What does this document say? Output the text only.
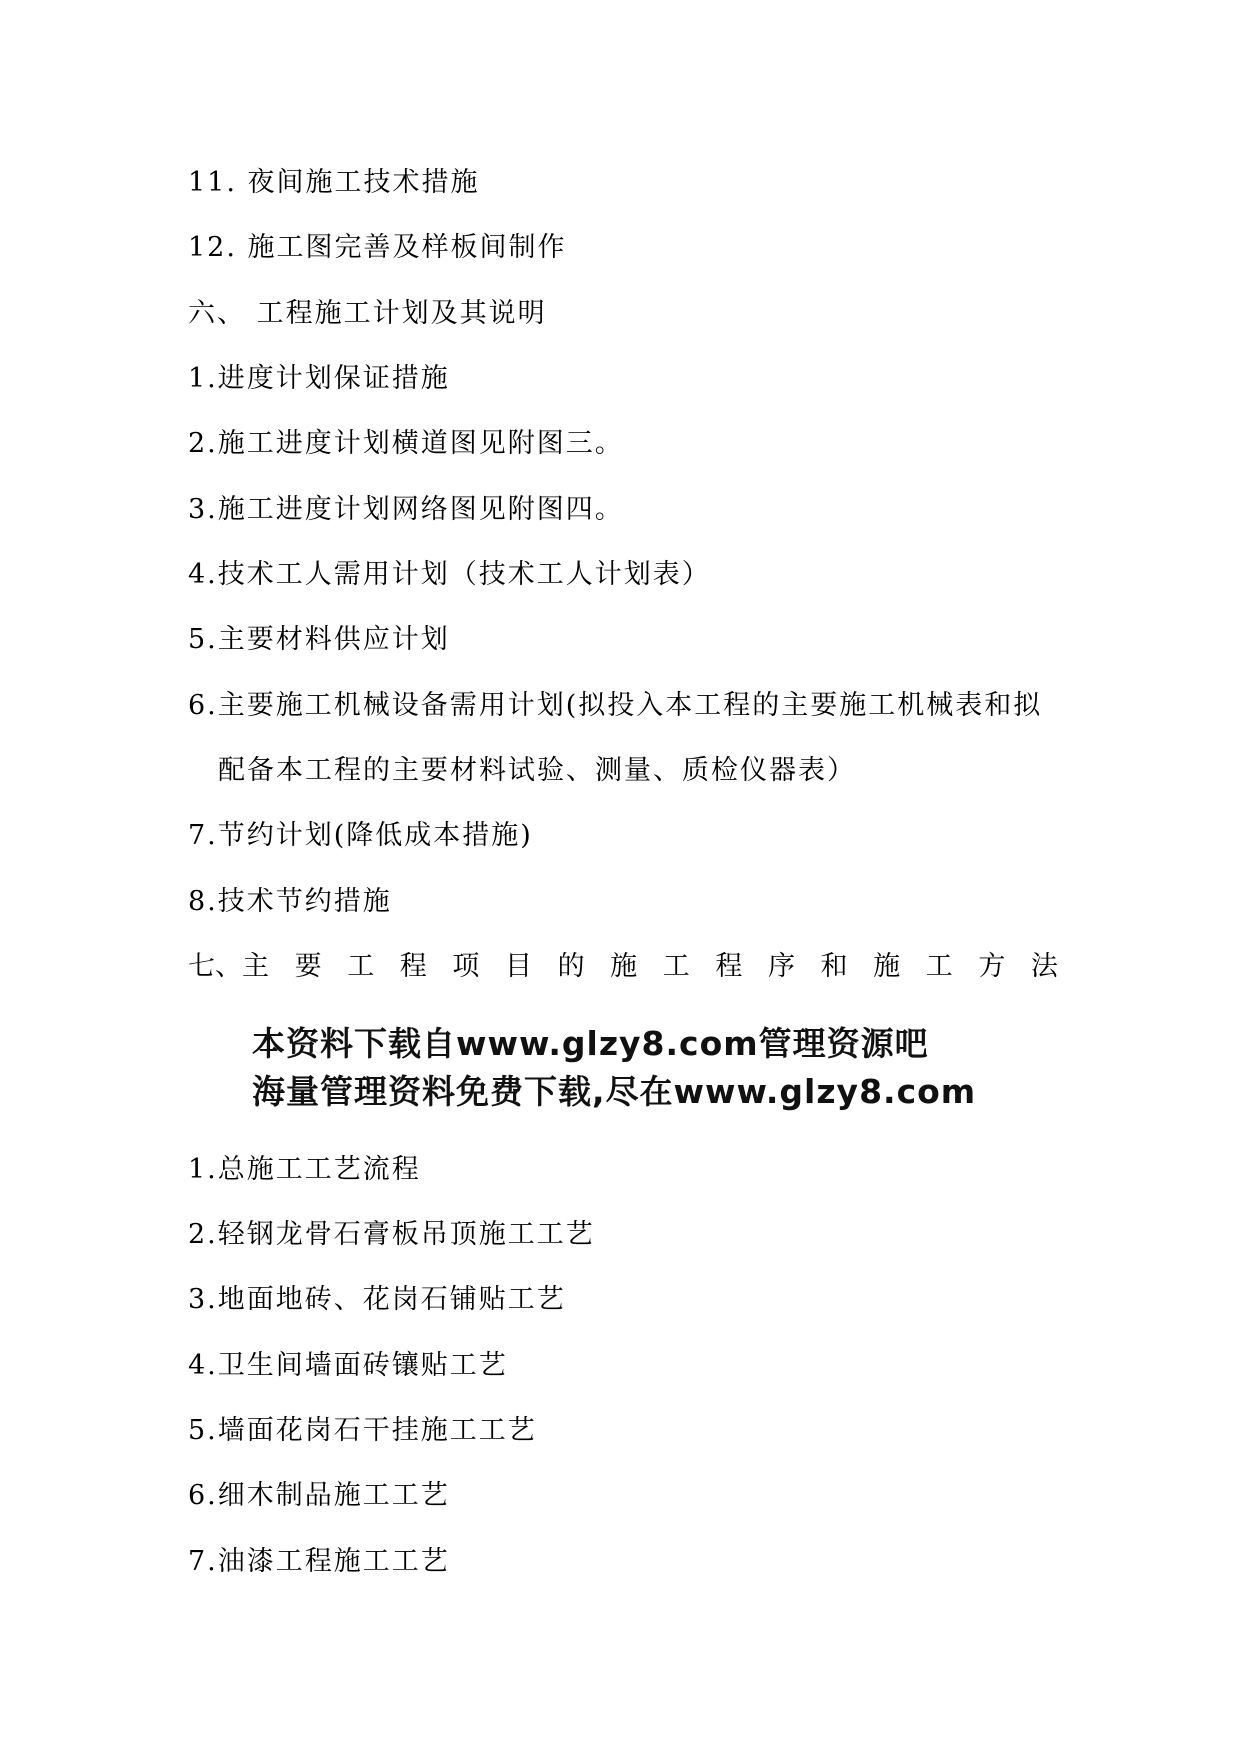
11. 夜间施工技术措施
12. 施工图完善及样板间制作
六、 工程施工计划及其说明
1.进度计划保证措施
2.施工进度计划横道图见附图三。
3.施工进度计划网络图见附图四。
4.技术工人需用计划（技术工人计划表）
5.主要材料供应计划
6.主要施工机械设备需用计划(拟投入本工程的主要施工机械表和拟
配备本工程的主要材料试验、测量、质检仪器表）
7.节约计划(降低成本措施)
8.技术节约措施
七、主 要 工 程 项 目 的 施 工 程 序 和 施 工 方 法
本资料下载自www.glzy8.com管理资源吧
海量管理资料免费下载,尽在www.glzy8.com
1.总施工工艺流程
2.轻钢龙骨石膏板吊顶施工工艺
3.地面地砖、花岗石铺贴工艺
4.卫生间墙面砖镶贴工艺
5.墙面花岗石干挂施工工艺
6.细木制品施工工艺
7.油漆工程施工工艺
